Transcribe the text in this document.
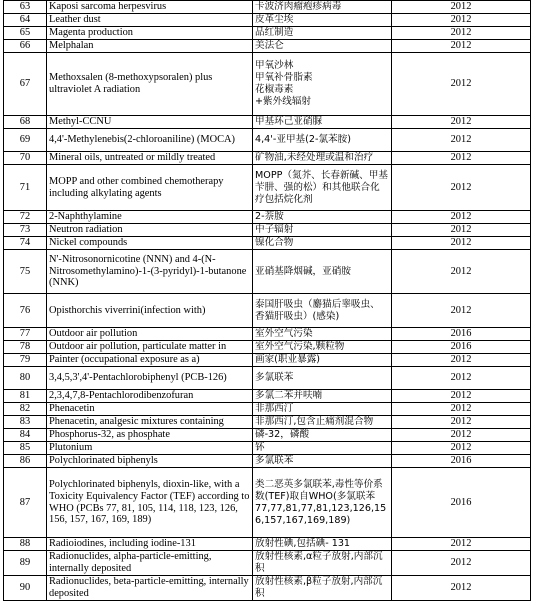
63	Kaposi sarcoma herpesvirus	卡波济肉瘤疱疹病毒	2012
64	Leather dust	皮革尘埃	2012
65	Magenta production	品红制造	2012
66	Melphalan	美法仑	2012
67	Methoxsalen (8-methoxypsoralen) plus ultraviolet A radiation	甲氧沙林
甲氧补骨脂素
花椒毒素
+紫外线辐射	2012
68	Methyl-CCNU	甲基环己亚硝脲	2012
69	4,4'-Methylenebis(2-chloroaniline) (MOCA)	4,4'-亚甲基(2-氯苯胺)	2012
70	Mineral oils, untreated or mildly treated	矿物油,未经处理或温和治疗	2012
71	MOPP and other combined chemotherapy including alkylating agents	MOPP（氮芥、长春新碱、甲基苄肼、强的松）和其他联合化疗包括烷化剂	2012
72	2-Naphthylamine	2-萘胺	2012
73	Neutron radiation	中子辐射	2012
74	Nickel compounds	镍化合物	2012
75	N'-Nitrosonornicotine (NNN) and 4-(N-Nitrosomethylamino)-1-(3-pyridyl)-1-butanone (NNK)	亚硝基降烟碱，亚硝胺	2012
76	Opisthorchis viverrini(infection with)	泰国肝吸虫（麝猫后睾吸虫、香猫肝吸虫）(感染)	2012
77	Outdoor air pollution	室外空气污染	2016
78	Outdoor air pollution, particulate matter in	室外空气污染,颗粒物	2016
79	Painter (occupational exposure as a)	画家(职业暴露)	2012
80	3,4,5,3',4'-Pentachlorobiphenyl (PCB-126)	多氯联苯	2012
81	2,3,4,7,8-Pentachlorodibenzofuran	多氯二苯并呋喃	2012
82	Phenacetin	非那西汀	2012
83	Phenacetin, analgesic mixtures containing	非那西汀,包含止痛剂混合物	2012
84	Phosphorus-32, as phosphate	磷-32，磷酸	2012
85	Plutonium	钚	2012
86	Polychlorinated biphenyls	多氯联苯	2016
87	Polychlorinated biphenyls, dioxin-like, with a Toxicity Equivalency Factor (TEF) according to WHO (PCBs 77, 81, 105, 114, 118, 123, 126, 156, 157, 167, 169, 189)	类二恶英多氯联苯,毒性等价系数(TEF)取自WHO(多氯联苯77,77,81,77,81,123,126,156,157,167,169,189)	2016
88	Radioiodines, including iodine-131	放射性碘,包括碘- 131	2012
89	Radionuclides, alpha-particle-emitting, internally deposited	放射性核素,α粒子放射,内部沉积	2012
90	Radionuclides, beta-particle-emitting, internally deposited	放射性核素,β粒子放射,内部沉积	2012
